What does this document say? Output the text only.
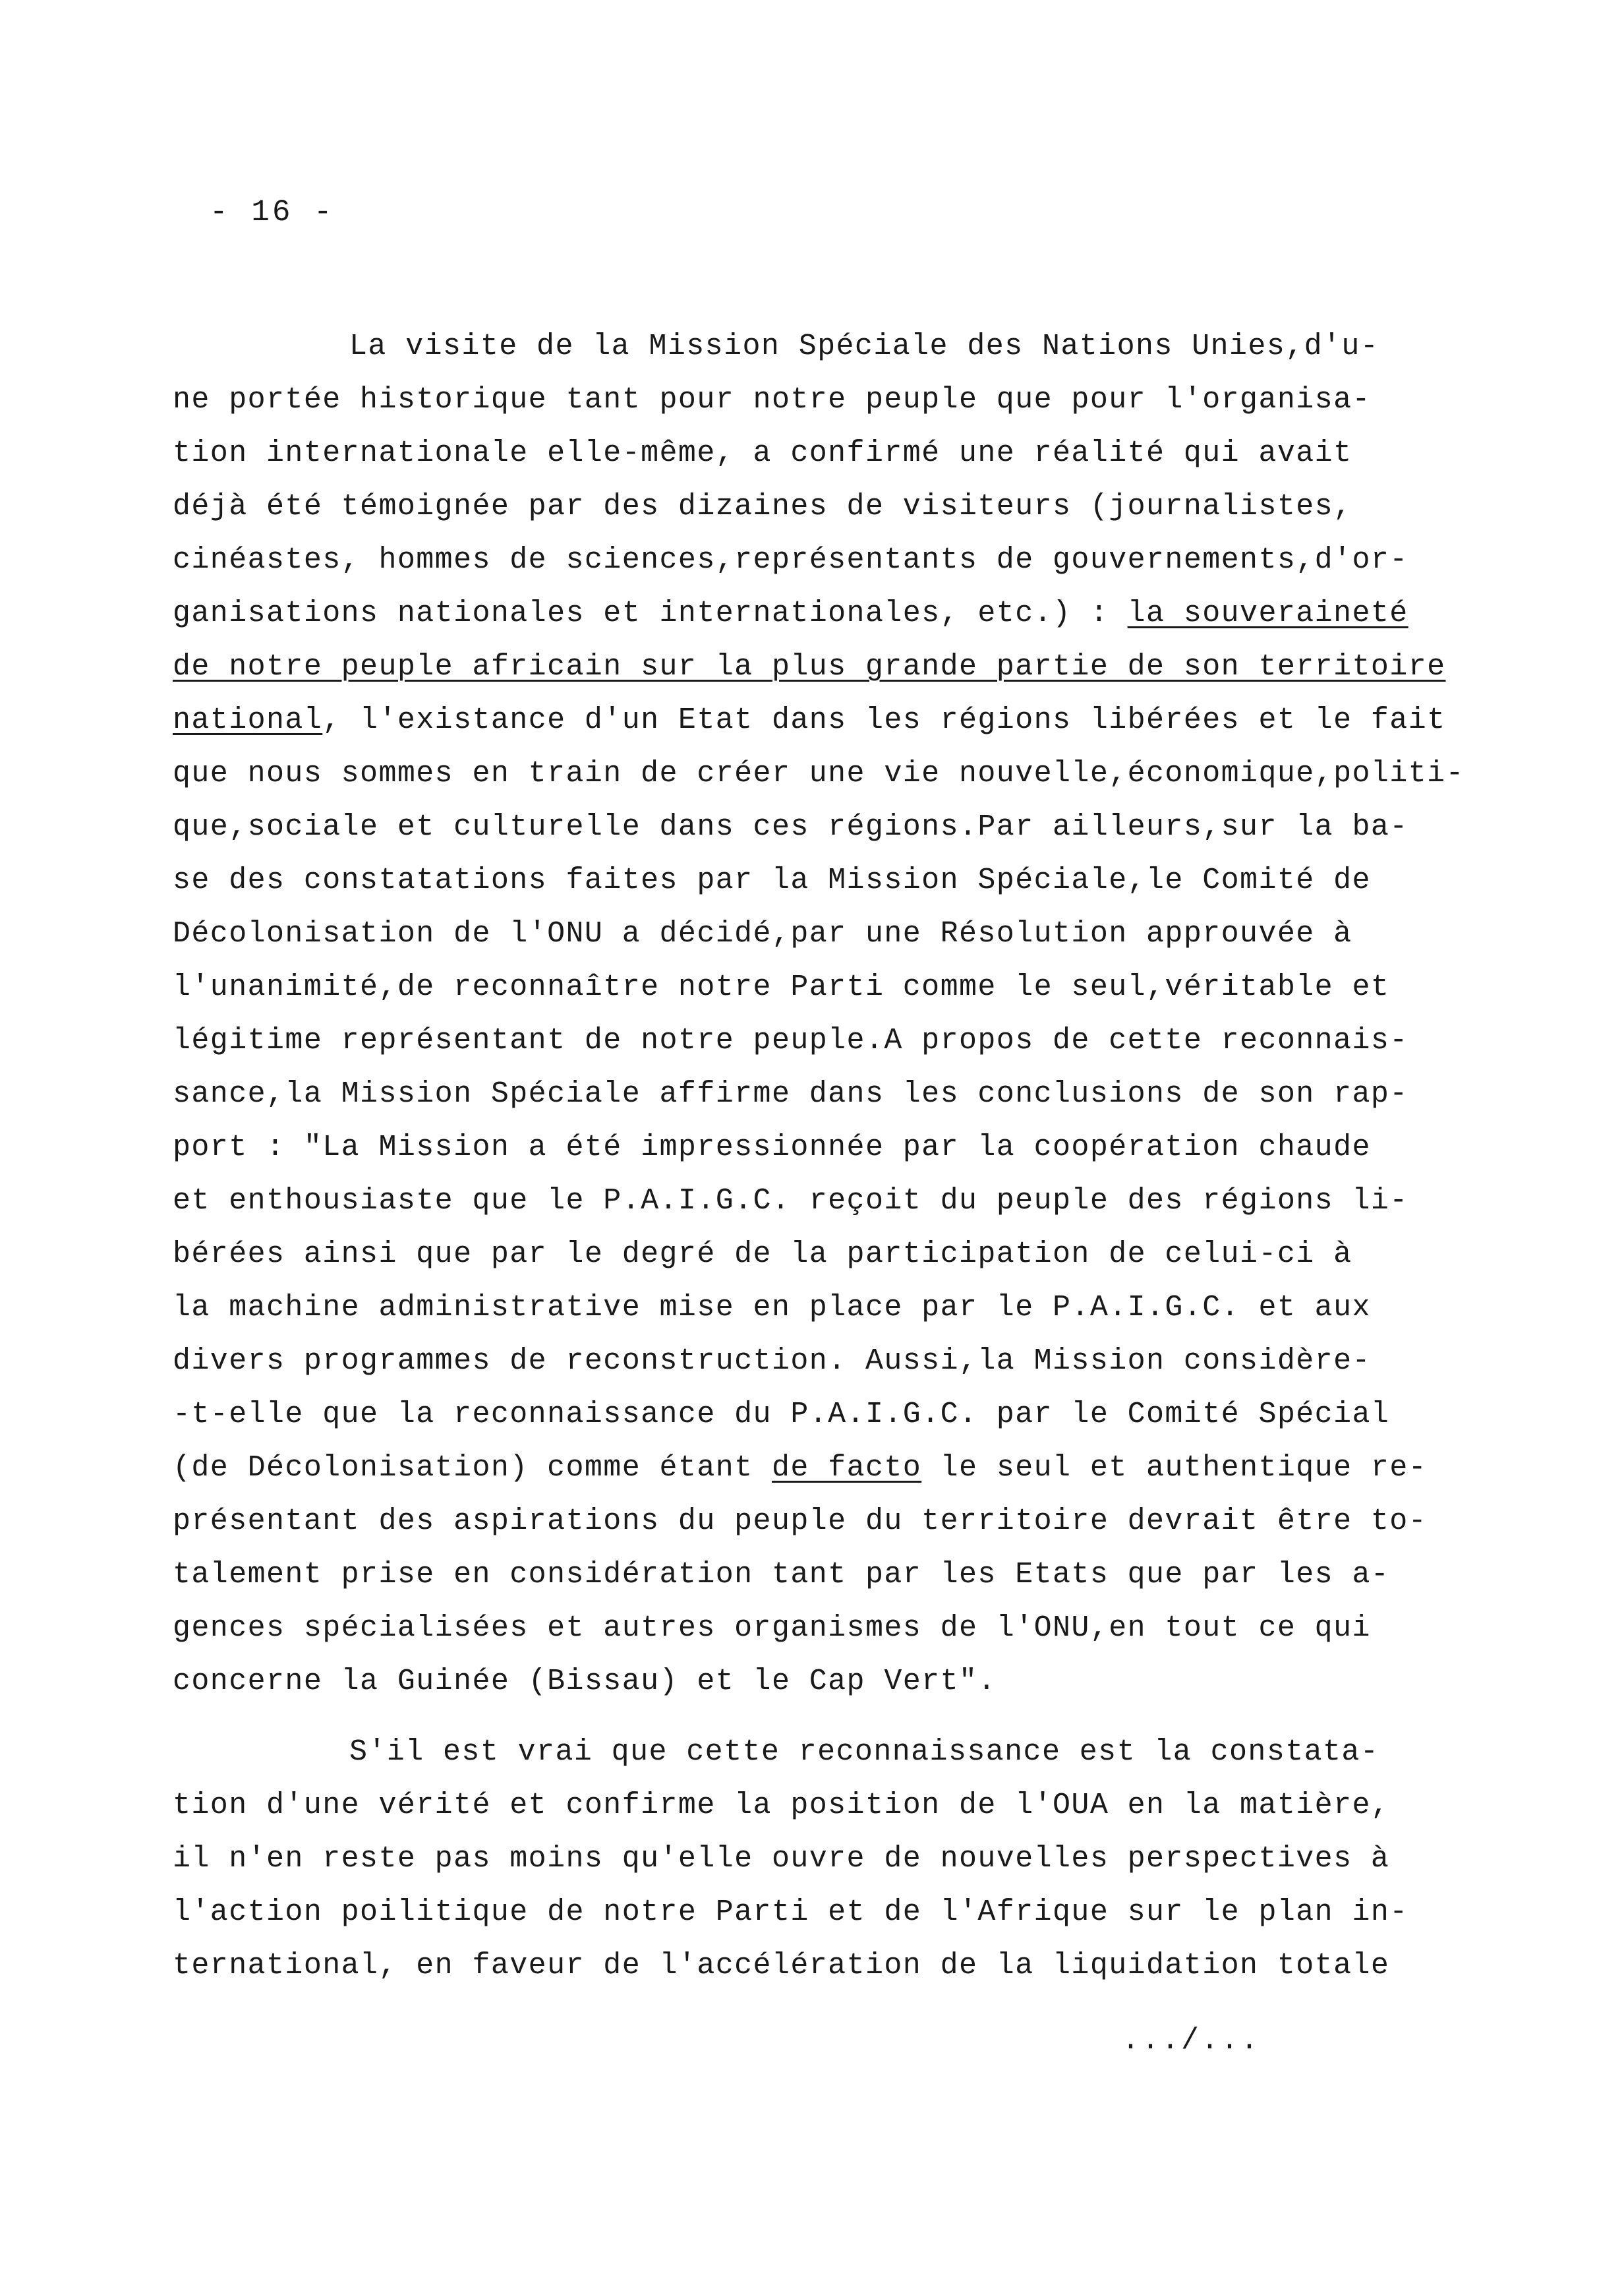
- 16 -
La visite de la Mission Spéciale des Nations Unies,d'u-
ne portée historique tant pour notre peuple que pour l'organisa-
tion internationale elle-même, a confirmé une réalité qui avait
déjà été témoignée par des dizaines de visiteurs (journalistes,
cinéastes, hommes de sciences,représentants de gouvernements,d'or-
ganisations nationales et internationales, etc.) : la souveraineté
de notre peuple africain sur la plus grande partie de son territoire
national, l'existance d'un Etat dans les régions libérées et le fait
que nous sommes en train de créer une vie nouvelle,économique,politi-
que,sociale et culturelle dans ces régions.Par ailleurs,sur la ba-
se des constatations faites par la Mission Spéciale,le Comité de
Décolonisation de l'ONU a décidé,par une Résolution approuvée à
l'unanimité,de reconnaître notre Parti comme le seul,véritable et
légitime représentant de notre peuple.A propos de cette reconnais-
sance,la Mission Spéciale affirme dans les conclusions de son rap-
port : "La Mission a été impressionnée par la coopération chaude
et enthousiaste que le P.A.I.G.C. reçoit du peuple des régions li-
bérées ainsi que par le degré de la participation de celui-ci à
la machine administrative mise en place par le P.A.I.G.C. et aux
divers programmes de reconstruction. Aussi,la Mission considère-
-t-elle que la reconnaissance du P.A.I.G.C. par le Comité Spécial
(de Décolonisation) comme étant de facto le seul et authentique re-
présentant des aspirations du peuple du territoire devrait être to-
talement prise en considération tant par les Etats que par les a-
gences spécialisées et autres organismes de l'ONU,en tout ce qui
concerne la Guinée (Bissau) et le Cap Vert".
S'il est vrai que cette reconnaissance est la constata-
tion d'une vérité et confirme la position de l'OUA en la matière,
il n'en reste pas moins qu'elle ouvre de nouvelles perspectives à
l'action poilitique de notre Parti et de l'Afrique sur le plan in-
ternational, en faveur de l'accélération de la liquidation totale
.../...
